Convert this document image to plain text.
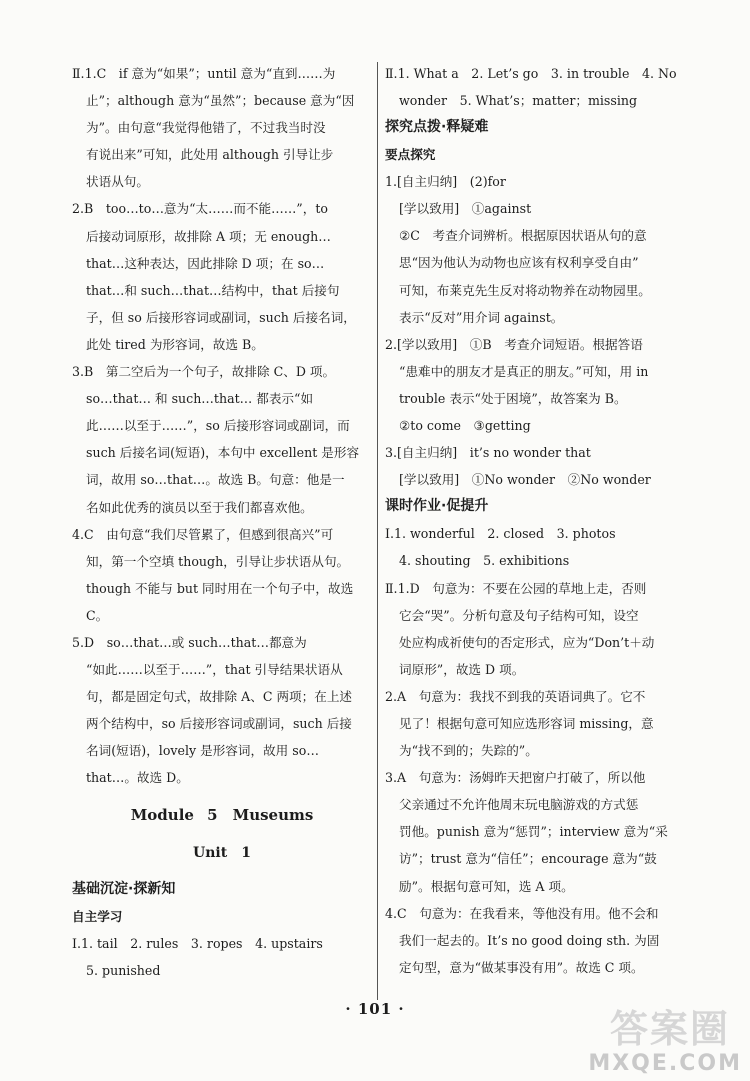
Ⅱ.1.C　if 意为“如果”；until 意为“直到……为
止”；although 意为“虽然”；because 意为“因
为”。由句意“我觉得他错了，不过我当时没
有说出来”可知，此处用 although 引导让步
状语从句。
2.B　too…to…意为“太……而不能……”，to
后接动词原形，故排除 A 项；无 enough…
that…这种表达，因此排除 D 项；在 so…
that…和 such…that…结构中，that 后接句
子，但 so 后接形容词或副词，such 后接名词，
此处 tired 为形容词，故选 B。
3.B　第二空后为一个句子，故排除 C、D 项。
so…that… 和 such…that… 都表示“如
此……以至于……”，so 后接形容词或副词，而
such 后接名词(短语)，本句中 excellent 是形容
词，故用 so…that…。故选 B。句意：他是一
名如此优秀的演员以至于我们都喜欢他。
4.C　由句意“我们尽管累了，但感到很高兴”可
知，第一个空填 though，引导让步状语从句。
though 不能与 but 同时用在一个句子中，故选
C。
5.D　so…that…或 such…that…都意为
“如此……以至于……”，that 引导结果状语从
句，都是固定句式，故排除 A、C 两项；在上述
两个结构中，so 后接形容词或副词，such 后接
名词(短语)，lovely 是形容词，故用 so…
that…。故选 D。
Module 5　Museums
Unit　1
基础沉淀·探新知
自主学习
Ⅰ.1. tail　2. rules　3. ropes　4. upstairs
5. punished
Ⅱ.1. What a　2. Let’s go　3. in trouble　4. No
wonder　5. What’s；matter；missing
探究点拨·释疑难
要点探究
1.[自主归纳]　(2)for
[学以致用]　①against
②C　考查介词辨析。根据原因状语从句的意
思“因为他认为动物也应该有权利享受自由”
可知，布莱克先生反对将动物养在动物园里。
表示“反对”用介词 against。
2.[学以致用]　①B　考查介词短语。根据答语
“患难中的朋友才是真正的朋友。”可知，用 in
trouble 表示“处于困境”，故答案为 B。
②to come　③getting
3.[自主归纳]　it’s no wonder that
[学以致用]　①No wonder　②No wonder
课时作业·促提升
Ⅰ.1. wonderful　2. closed　3. photos
4. shouting　5. exhibitions
Ⅱ.1.D　句意为：不要在公园的草地上走，否则
它会“哭”。分析句意及句子结构可知，设空
处应构成祈使句的否定形式，应为“Don’t＋动
词原形”，故选 D 项。
2.A　句意为：我找不到我的英语词典了。它不
见了！根据句意可知应选形容词 missing，意
为“找不到的；失踪的”。
3.A　句意为：汤姆昨天把窗户打破了，所以他
父亲通过不允许他周末玩电脑游戏的方式惩
罚他。punish 意为“惩罚”；interview 意为“采
访”；trust 意为“信任”；encourage 意为“鼓
励”。根据句意可知，选 A 项。
4.C　句意为：在我看来，等他没有用。他不会和
我们一起去的。It’s no good doing sth. 为固
定句型，意为“做某事没有用”。故选 C 项。
· 101 ·	答案圈
MXQE.COM
